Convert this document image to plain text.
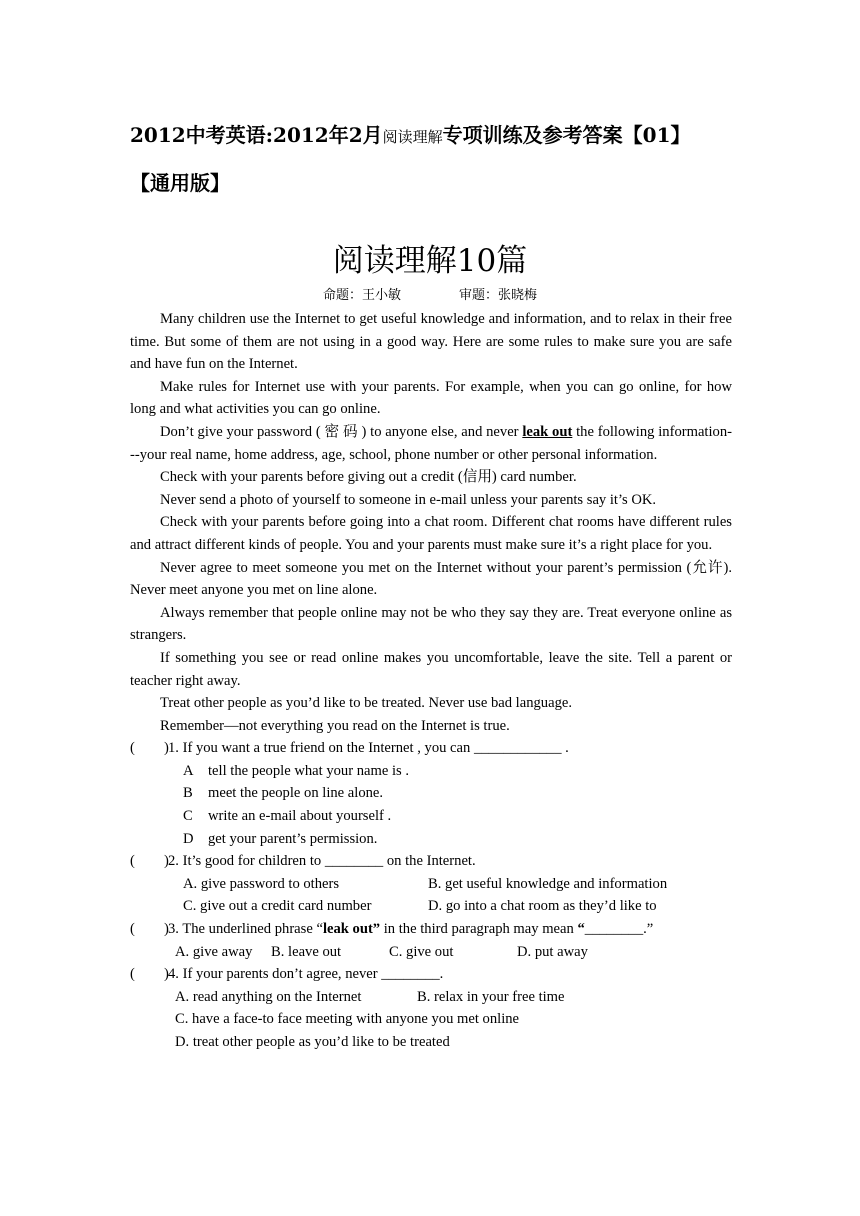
2012中考英语:2012年2月阅读理解专项训练及参考答案【01】
【通用版】
阅读理解10篇
命题：王小敏	审题：张晓梅

Many children use the Internet to get useful knowledge and information, and to relax in their free time. But some of them are not using in a good way. Here are some rules to make sure you are safe and have fun on the Internet.

Make rules for Internet use with your parents. For example, when you can go online, for how long and what activities you can go online.

Don’t give your password ( 密 码 ) to anyone else, and never leak out the following information---your real name, home address, age, school, phone number or other personal information.

Check with your parents before giving out a credit (信用) card number.

Never send a photo of yourself to someone in e-mail unless your parents say it’s OK.

Check with your parents before going into a chat room. Different chat rooms have different rules and attract different kinds of people. You and your parents must make sure it’s a right place for you.

Never agree to meet someone you met on the Internet without your parent’s permission (允许). Never meet anyone you met on line alone.

Always remember that people online may not be who they say they are. Treat everyone online as strangers.

If something you see or read online makes you uncomfortable, leave the site. Tell a parent or teacher right away.

Treat other people as you’d like to be treated. Never use bad language.

Remember—not everything you read on the Internet is true.

(　　)1. If you want a true friend on the Internet , you can ____________ .
A tell the people what your name is .
B meet the people on line alone.
C write an e-mail about yourself .
D get your parent’s permission.
(　　)2. It’s good for children to ________ on the Internet.
A. give password to others	B. get useful knowledge and information
C. give out a credit card number	D. go into a chat room as they’d like to
(　　)3. The underlined phrase “leak out” in the third paragraph may mean “________.”
A. give away	B. leave out	C. give out	D. put away
(　　)4. If your parents don’t agree, never ________.
A. read anything on the Internet	B. relax in your free time
C. have a face-to face meeting with anyone you met online
D. treat other people as you’d like to be treated
